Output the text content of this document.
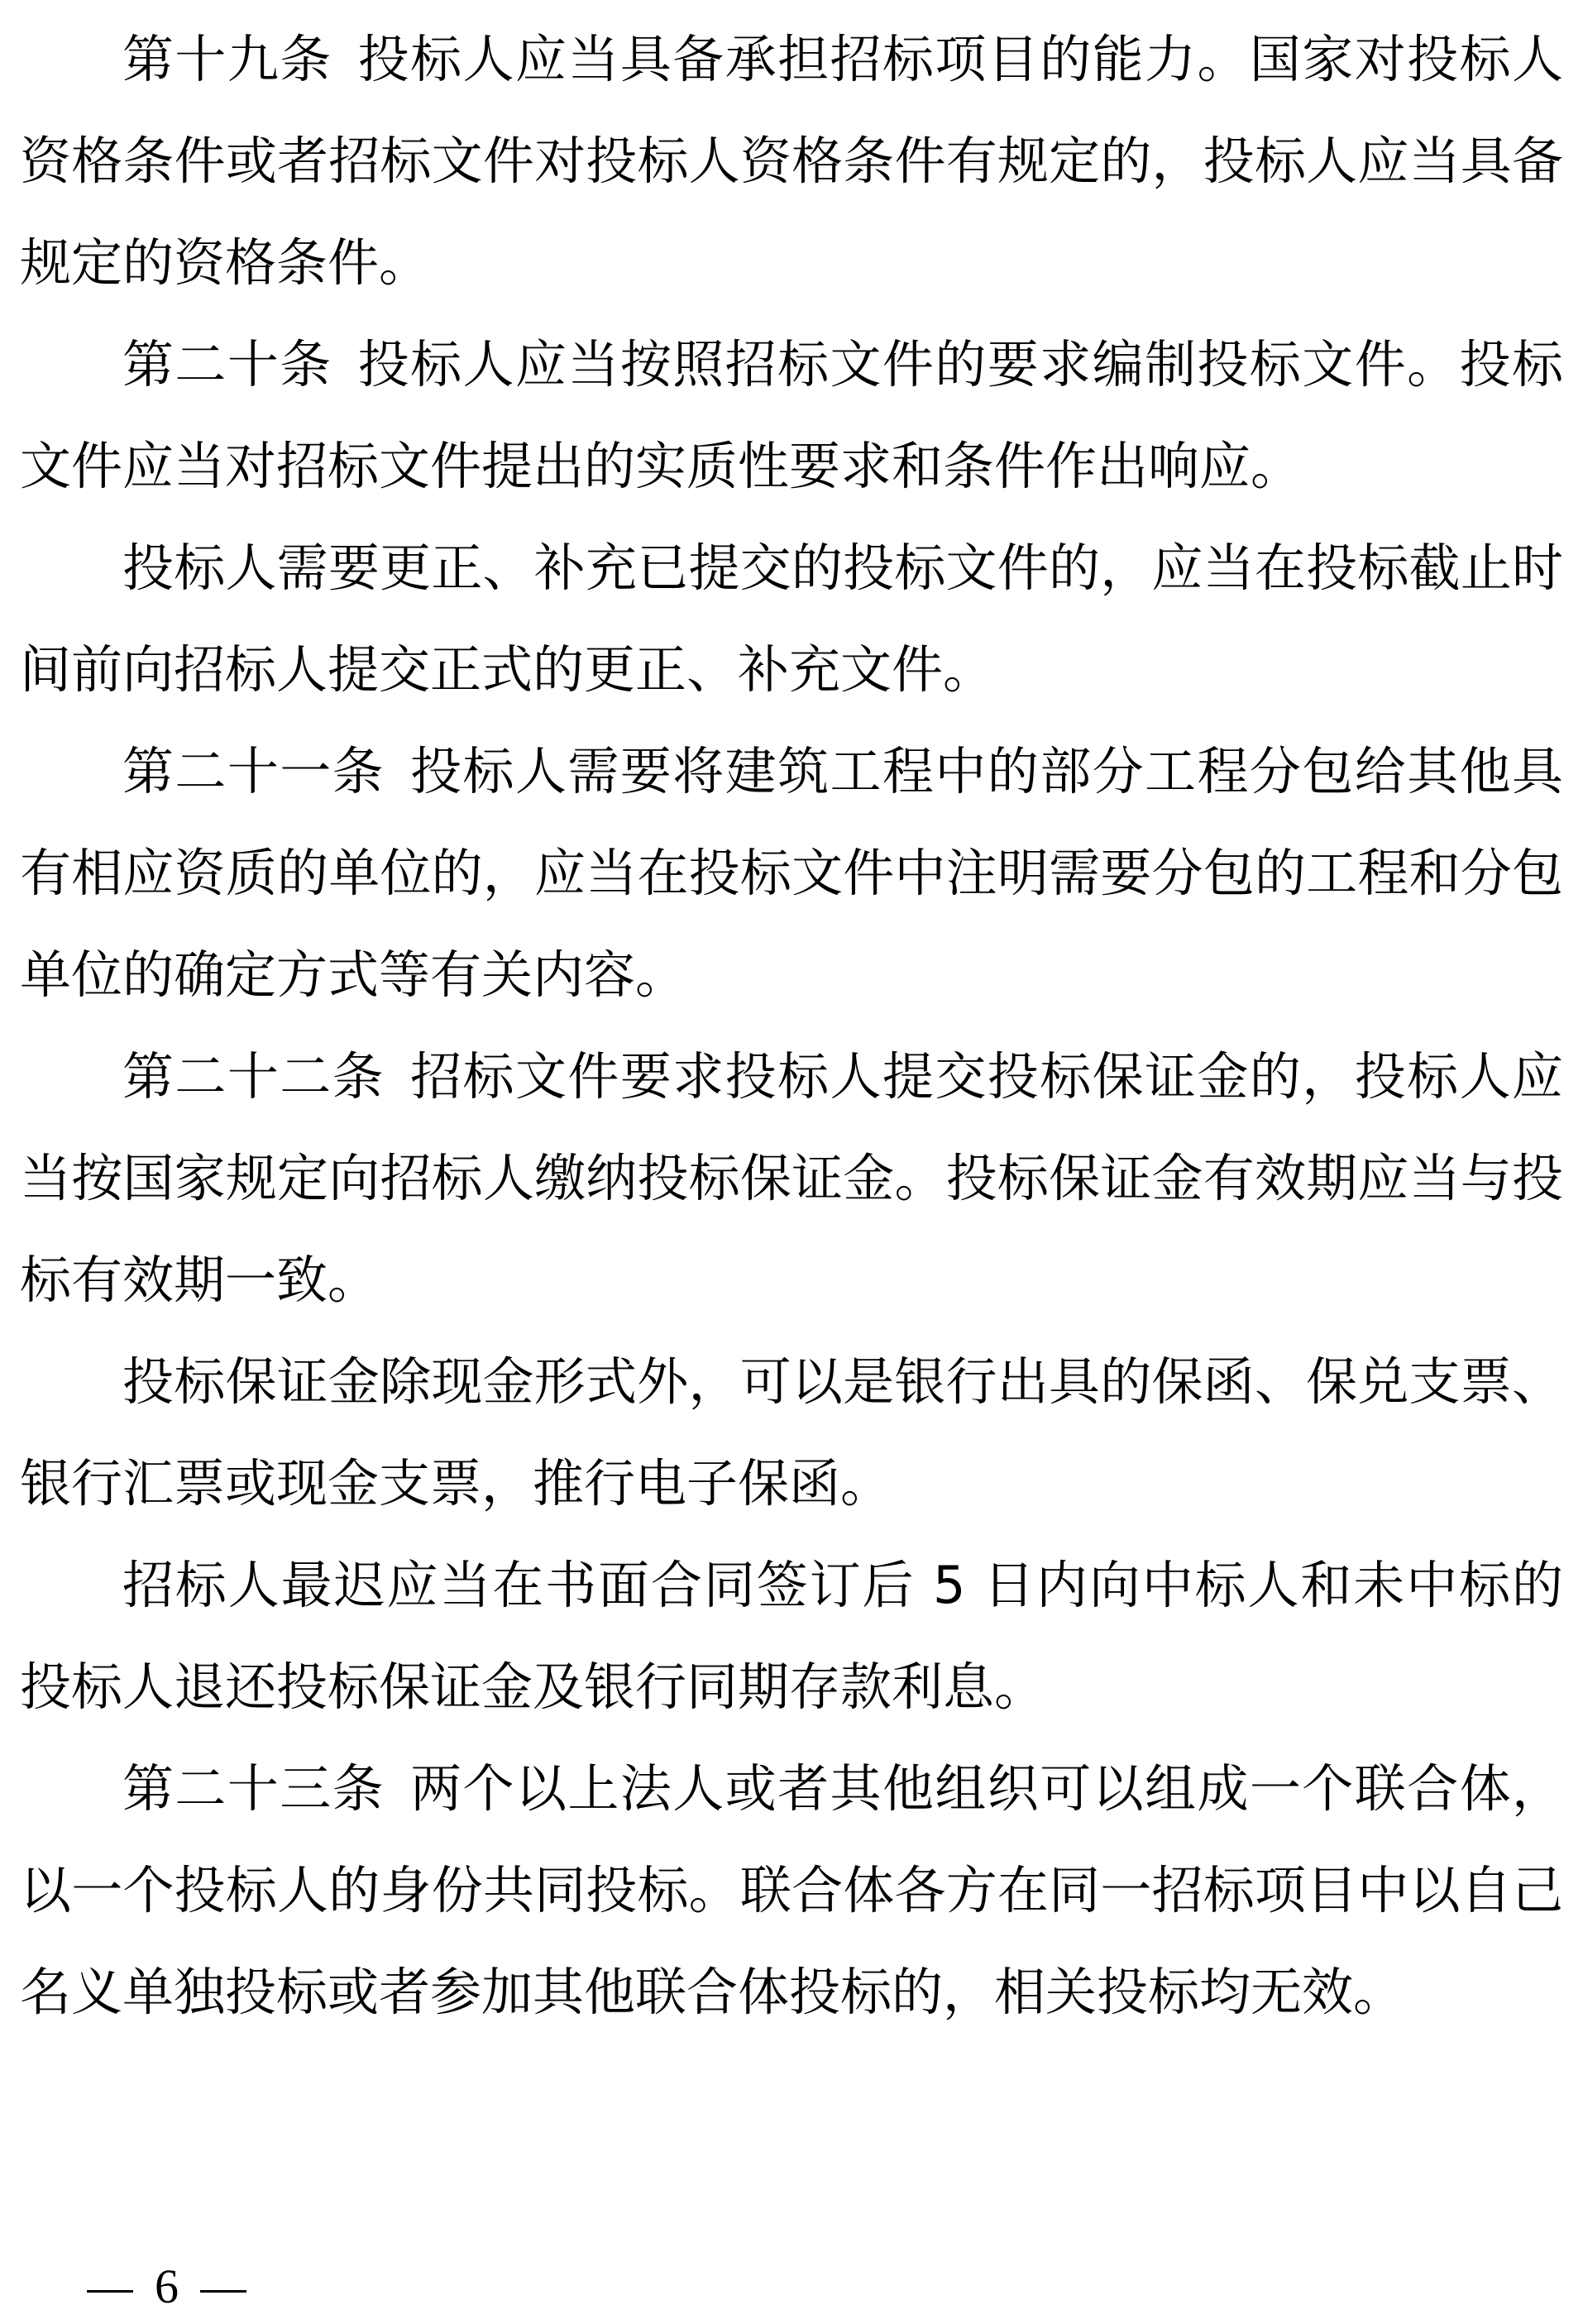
第十九条 投标人应当具备承担招标项目的能力。国家对投标人资格条件或者招标文件对投标人资格条件有规定的，投标人应当具备规定的资格条件。

第二十条 投标人应当按照招标文件的要求编制投标文件。投标文件应当对招标文件提出的实质性要求和条件作出响应。

投标人需要更正、补充已提交的投标文件的，应当在投标截止时间前向招标人提交正式的更正、补充文件。

第二十一条 投标人需要将建筑工程中的部分工程分包给其他具有相应资质的单位的，应当在投标文件中注明需要分包的工程和分包单位的确定方式等有关内容。

第二十二条 招标文件要求投标人提交投标保证金的，投标人应当按国家规定向招标人缴纳投标保证金。投标保证金有效期应当与投标有效期一致。

投标保证金除现金形式外，可以是银行出具的保函、保兑支票、银行汇票或现金支票，推行电子保函。

招标人最迟应当在书面合同签订后 5 日内向中标人和未中标的投标人退还投标保证金及银行同期存款利息。

第二十三条 两个以上法人或者其他组织可以组成一个联合体，以一个投标人的身份共同投标。联合体各方在同一招标项目中以自己名义单独投标或者参加其他联合体投标的，相关投标均无效。

6
